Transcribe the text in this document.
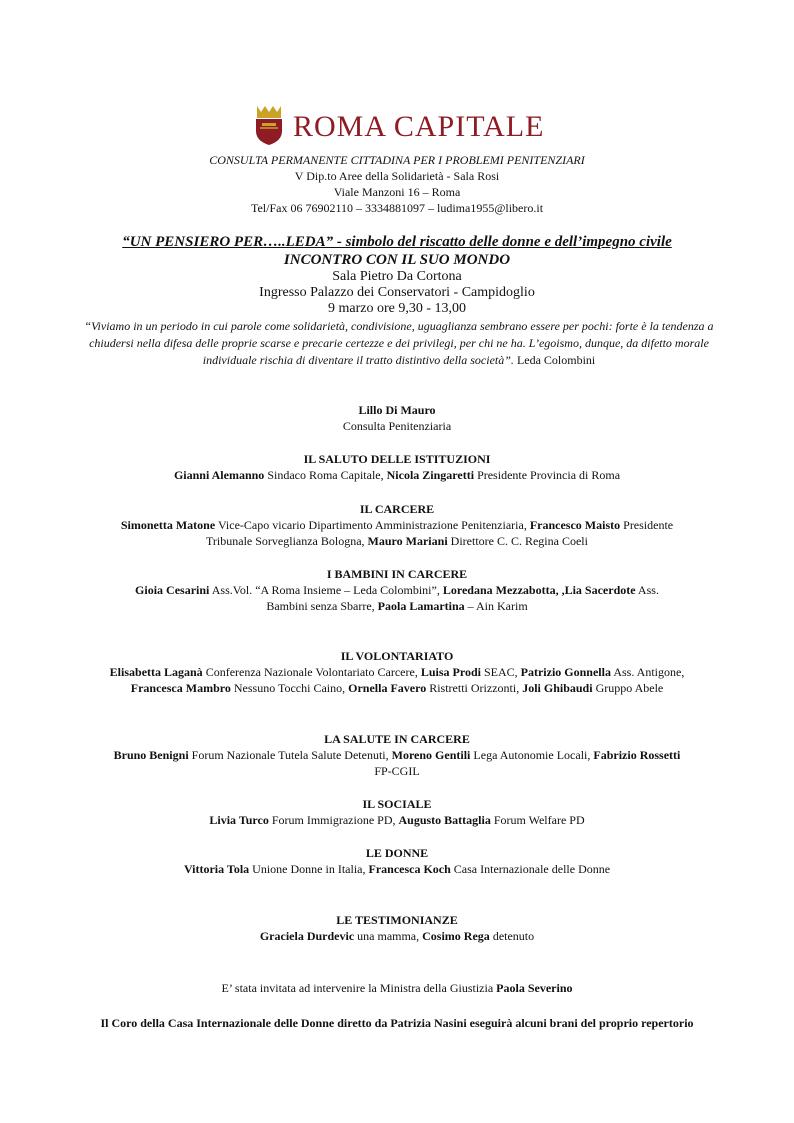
ROMA CAPITALE
CONSULTA PERMANENTE CITTADINA PER I PROBLEMI PENITENZIARI
V Dip.to Aree della Solidarietà - Sala Rosi
Viale Manzoni 16 – Roma
Tel/Fax 06 76902110 – 3334881097 – ludima1955@libero.it
“UN PENSIERO PER…..LEDA” - simbolo del riscatto delle donne e dell’impegno civile
INCONTRO CON IL SUO MONDO
Sala Pietro Da Cortona
Ingresso Palazzo dei Conservatori - Campidoglio
9 marzo ore 9,30 - 13,00
“Viviamo in un periodo in cui parole come solidarietà, condivisione, uguaglianza sembrano essere per pochi: forte è la tendenza a chiudersi nella difesa delle proprie scarse e precarie certezze e dei privilegi, per chi ne ha. L’egoismo, dunque, da difetto morale individuale rischia di diventare il tratto distintivo della società”. Leda Colombini

Lillo Di Mauro

Consulta Penitenziaria

IL SALUTO DELLE ISTITUZIONI

Gianni Alemanno Sindaco Roma Capitale, Nicola Zingaretti Presidente Provincia di Roma

IL CARCERE

Simonetta Matone Vice-Capo vicario Dipartimento Amministrazione Penitenziaria, Francesco Maisto Presidente

Tribunale Sorveglianza Bologna, Mauro Mariani Direttore C. C. Regina Coeli

I BAMBINI IN CARCERE

Gioia Cesarini Ass.Vol. “A Roma Insieme – Leda Colombini”, Loredana Mezzabotta, ,Lia Sacerdote Ass.

Bambini senza Sbarre, Paola Lamartina – Ain Karim

IL VOLONTARIATO

Elisabetta Laganà Conferenza Nazionale Volontariato Carcere, Luisa Prodi SEAC, Patrizio Gonnella Ass. Antigone,

Francesca Mambro Nessuno Tocchi Caino, Ornella Favero Ristretti Orizzonti, Joli Ghibaudi Gruppo Abele

LA SALUTE IN CARCERE

Bruno Benigni Forum Nazionale Tutela Salute Detenuti, Moreno Gentili Lega Autonomie Locali, Fabrizio Rossetti

FP-CGIL

IL SOCIALE

Livia Turco Forum Immigrazione PD, Augusto Battaglia Forum Welfare PD

LE DONNE

Vittoria Tola Unione Donne in Italia, Francesca Koch Casa Internazionale delle Donne

LE TESTIMONIANZE

Graciela Durdevic una mamma, Cosimo Rega detenuto

E’ stata invitata ad intervenire la Ministra della Giustizia Paola Severino

Il Coro della Casa Internazionale delle Donne diretto da Patrizia Nasini eseguirà alcuni brani del proprio repertorio
